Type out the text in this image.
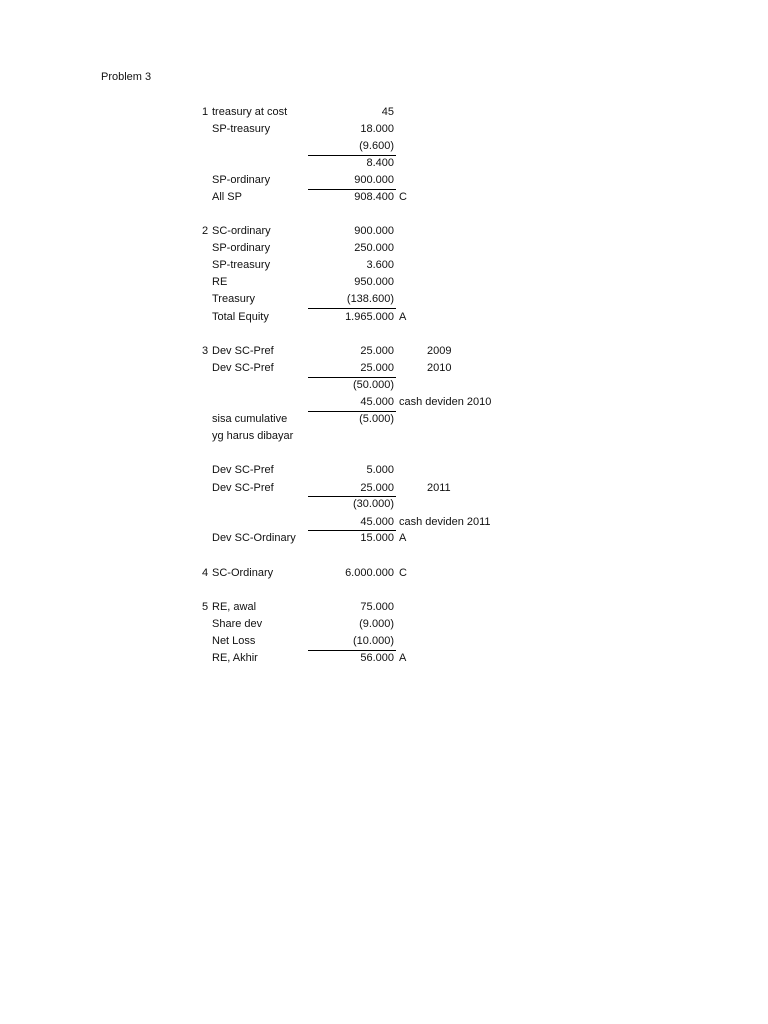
Problem 3
1 treasury at cost	45
SP-treasury	18.000
(9.600)
8.400
SP-ordinary	900.000
All SP	908.400 C
2 SC-ordinary	900.000
SP-ordinary	250.000
SP-treasury	3.600
RE	950.000
Treasury	(138.600)
Total Equity	1.965.000 A
3 Dev SC-Pref	25.000	2009
Dev SC-Pref	25.000	2010
(50.000)
45.000 cash deviden 2010
sisa cumulative	(5.000)
yg harus dibayar
Dev SC-Pref	5.000
Dev SC-Pref	25.000	2011
(30.000)
45.000 cash deviden 2011
Dev SC-Ordinary	15.000 A
4 SC-Ordinary	6.000.000 C
5 RE, awal	75.000
Share dev	(9.000)
Net Loss	(10.000)
RE, Akhir	56.000 A
